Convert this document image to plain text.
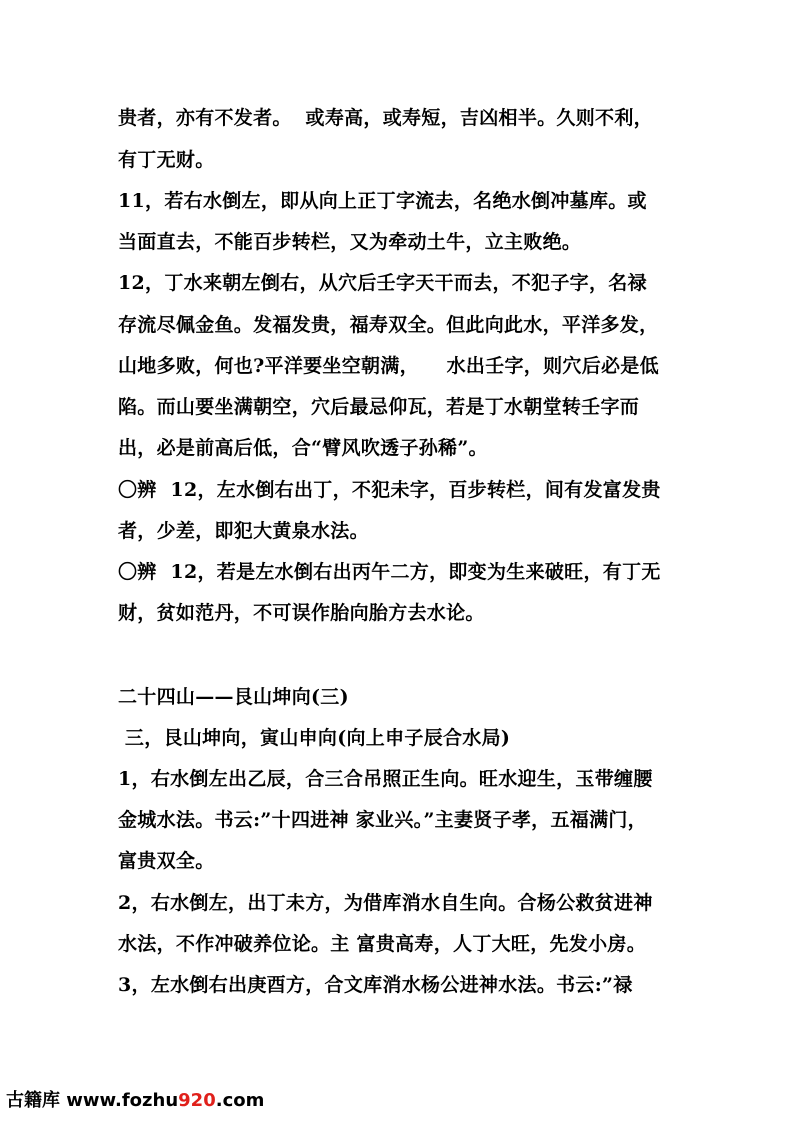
贵者，亦有不发者。  或寿高，或寿短，吉凶相半。久则不利，
有丁无财。
11，若右水倒左，即从向上正丁字流去，名绝水倒冲墓库。或
当面直去，不能百步转栏，又为牵动土牛，立主败绝。
12，丁水来朝左倒右，从穴后壬字天干而去，不犯子字，名禄
存流尽佩金鱼。发福发贵，福寿双全。但此向此水，平洋多发，
山地多败，何也?平洋要坐空朝满，    水出壬字，则穴后必是低
陷。而山要坐满朝空，穴后最忌仰瓦，若是丁水朝堂转壬字而
出，必是前高后低，合“臂风吹透子孙稀”。
〇辨  12，左水倒右出丁，不犯未字，百步转栏，间有发富发贵
者，少差，即犯大黄泉水法。
〇辨  12，若是左水倒右出丙午二方，即变为生来破旺，有丁无
财，贫如范丹，不可误作胎向胎方去水论。
二十四山——艮山坤向(三)
三，艮山坤向，寅山申向(向上申子辰合水局)
1，右水倒左出乙辰，合三合吊照正生向。旺水迎生，玉带缠腰
金城水法。书云:”十四进神 家业兴。”主妻贤子孝，五福满门，
富贵双全。
2，右水倒左，出丁未方，为借库消水自生向。合杨公救贫进神
水法，不作冲破养位论。主 富贵高寿，人丁大旺，先发小房。
3，左水倒右出庚酉方，合文库消水杨公进神水法。书云:”禄
古籍库 www.fozhu920.com
